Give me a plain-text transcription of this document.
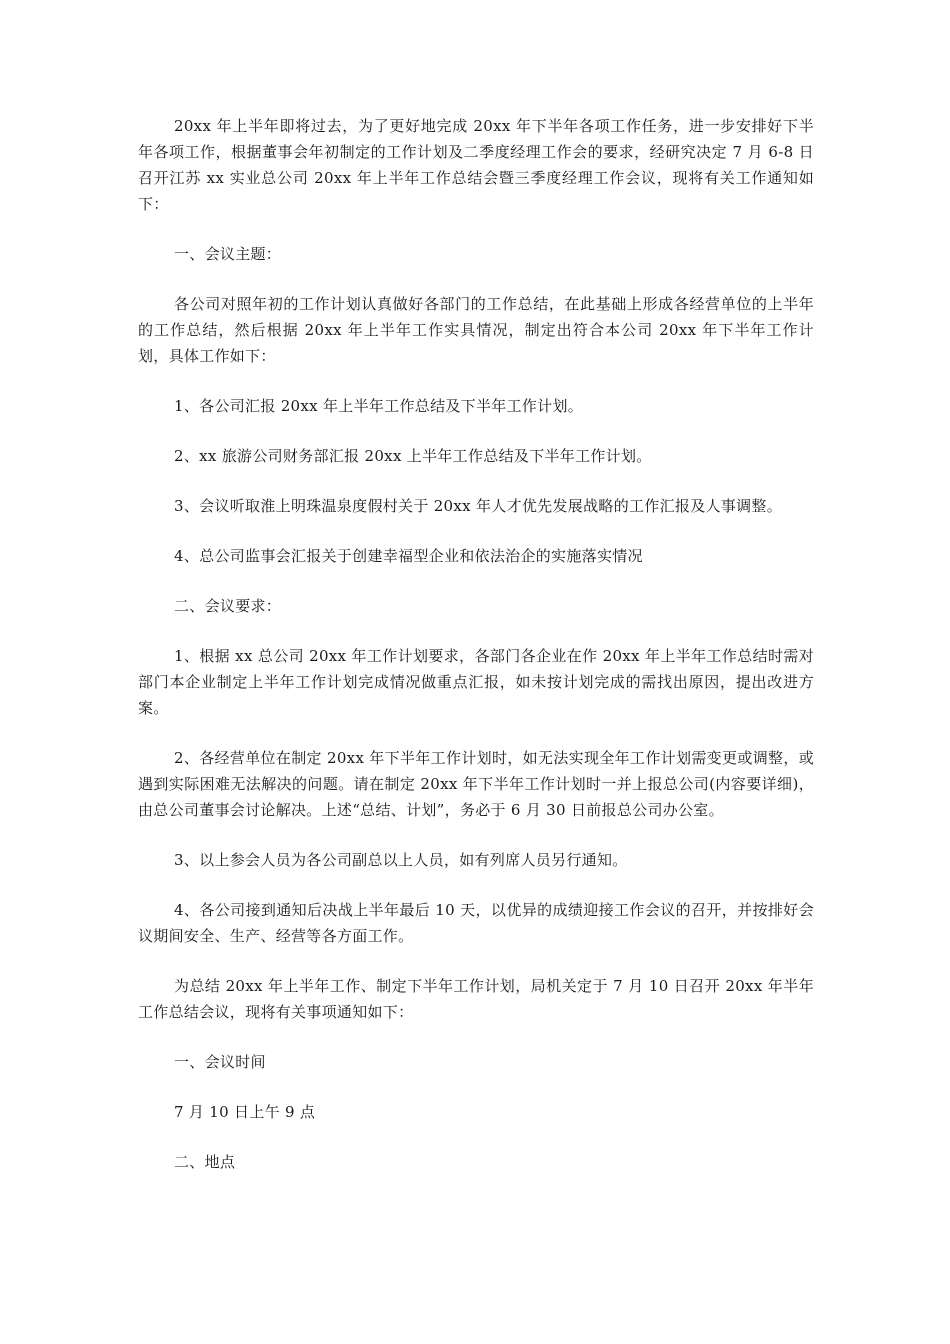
20xx 年上半年即将过去，为了更好地完成 20xx 年下半年各项工作任务，进一步安排好下半年各项工作，根据董事会年初制定的工作计划及二季度经理工作会的要求，经研究决定 7 月 6-8 日召开江苏 xx 实业总公司 20xx 年上半年工作总结会暨三季度经理工作会议，现将有关工作通知如下：

一、会议主题：

各公司对照年初的工作计划认真做好各部门的工作总结，在此基础上形成各经营单位的上半年的工作总结，然后根据 20xx 年上半年工作实具情况，制定出符合本公司 20xx 年下半年工作计划，具体工作如下：

1、各公司汇报 20xx 年上半年工作总结及下半年工作计划。

2、xx 旅游公司财务部汇报 20xx 上半年工作总结及下半年工作计划。

3、会议听取淮上明珠温泉度假村关于 20xx 年人才优先发展战略的工作汇报及人事调整。

4、总公司监事会汇报关于创建幸福型企业和依法治企的实施落实情况

二、会议要求：

1、根据 xx 总公司 20xx 年工作计划要求，各部门各企业在作 20xx 年上半年工作总结时需对部门本企业制定上半年工作计划完成情况做重点汇报，如未按计划完成的需找出原因，提出改进方案。

2、各经营单位在制定 20xx 年下半年工作计划时，如无法实现全年工作计划需变更或调整，或遇到实际困难无法解决的问题。请在制定 20xx 年下半年工作计划时一并上报总公司(内容要详细)，由总公司董事会讨论解决。上述“总结、计划”，务必于 6 月 30 日前报总公司办公室。

3、以上参会人员为各公司副总以上人员，如有列席人员另行通知。

4、各公司接到通知后决战上半年最后 10 天，以优异的成绩迎接工作会议的召开，并按排好会议期间安全、生产、经营等各方面工作。

为总结 20xx 年上半年工作、制定下半年工作计划，局机关定于 7 月 10 日召开 20xx 年半年工作总结会议，现将有关事项通知如下：

一、会议时间

7 月 10 日上午 9 点

二、地点
